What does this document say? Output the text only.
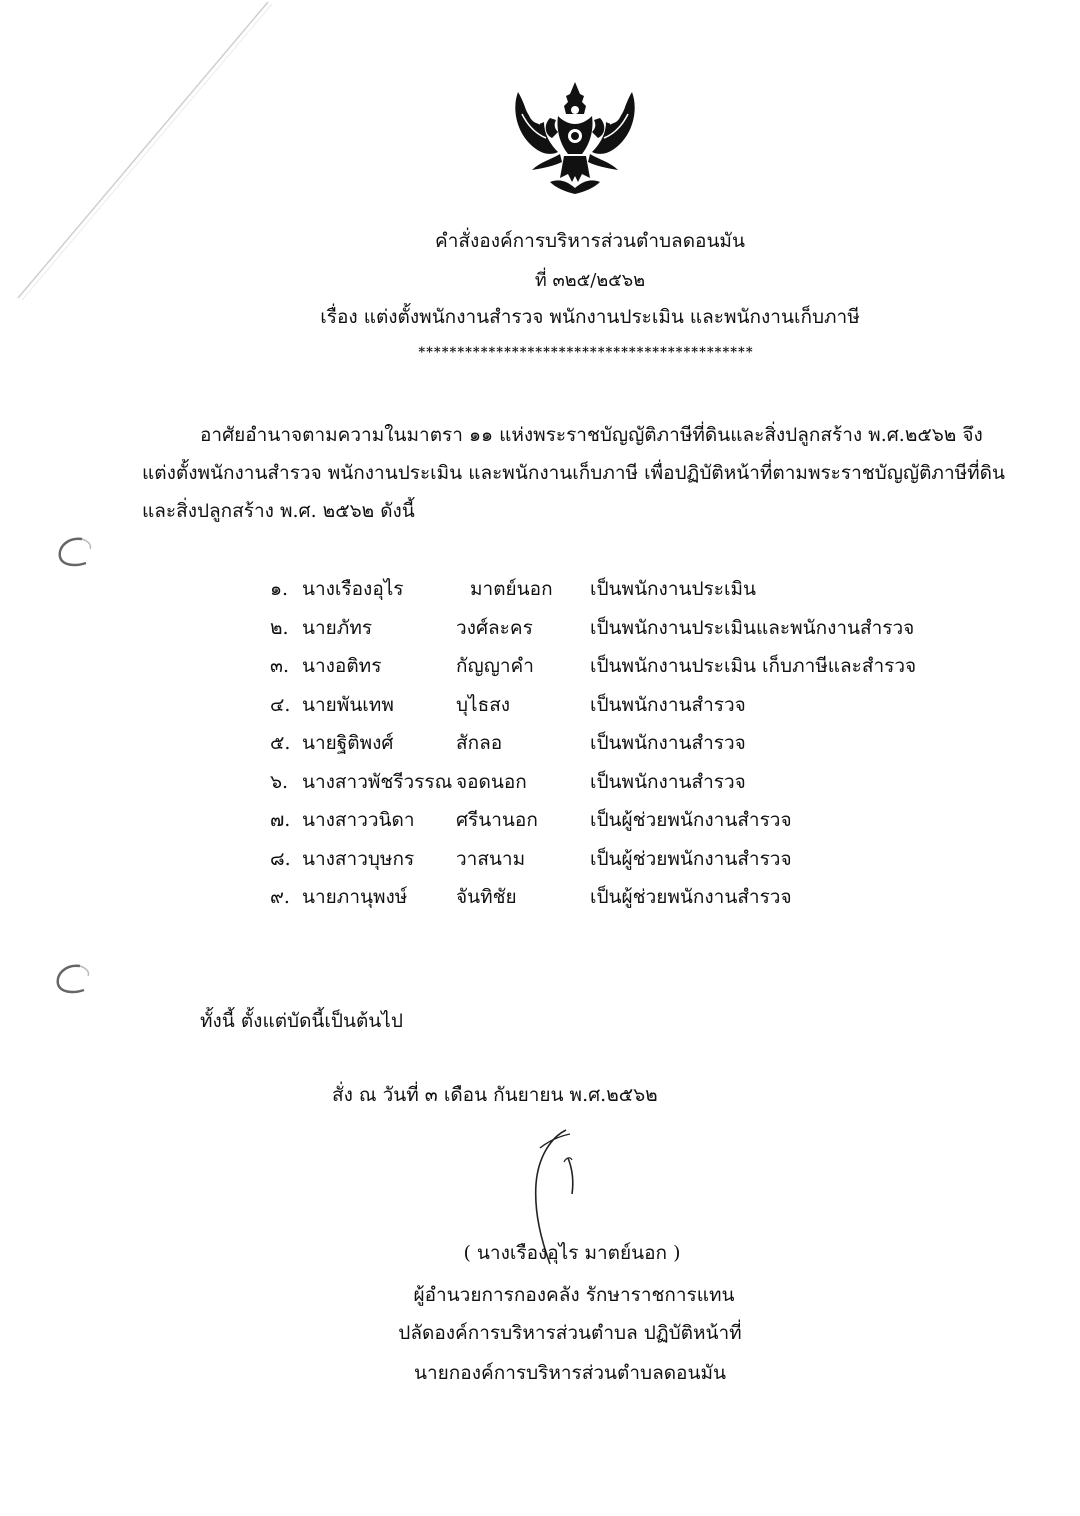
คำสั่งองค์การบริหารส่วนตำบลดอนมัน
ที่ ๓๒๕/๒๕๖๒
เรื่อง แต่งตั้งพนักงานสำรวจ พนักงานประเมิน และพนักงานเก็บภาษี
*******************************************
อาศัยอำนาจตามความในมาตรา ๑๑ แห่งพระราชบัญญัติภาษีที่ดินและสิ่งปลูกสร้าง พ.ศ.๒๕๖๒ จึง
แต่งตั้งพนักงานสำรวจ พนักงานประเมิน และพนักงานเก็บภาษี เพื่อปฏิบัติหน้าที่ตามพระราชบัญญัติภาษีที่ดิน
และสิ่งปลูกสร้าง พ.ศ. ๒๕๖๒ ดังนี้
๑. นางเรืองอุไร	มาตย์นอก เป็นพนักงานประเมิน
๒. นายภัทร	วงศ์ละคร	เป็นพนักงานประเมินและพนักงานสำรวจ
๓. นางอติทร	กัญญาคำ	เป็นพนักงานประเมิน เก็บภาษีและสำรวจ
๔. นายพันเทพ	บุไธสง	เป็นพนักงานสำรวจ
๕. นายฐิติพงศ์	สักลอ	เป็นพนักงานสำรวจ
๖. นางสาวพัชรีวรรณ จอดนอก	เป็นพนักงานสำรวจ
๗. นางสาววนิดา ศรีนานอก	เป็นผู้ช่วยพนักงานสำรวจ
๘. นางสาวบุษกร วาสนาม	เป็นผู้ช่วยพนักงานสำรวจ
๙. นายภานุพงษ์	จันทิชัย	เป็นผู้ช่วยพนักงานสำรวจ
ทั้งนี้ ตั้งแต่บัดนี้เป็นต้นไป
สั่ง ณ วันที่ ๓ เดือน กันยายน พ.ศ.๒๕๖๒
( นางเรืองอุไร มาตย์นอก )
ผู้อำนวยการกองคลัง รักษาราชการแทน
ปลัดองค์การบริหารส่วนตำบล ปฏิบัติหน้าที่
นายกองค์การบริหารส่วนตำบลดอนมัน
